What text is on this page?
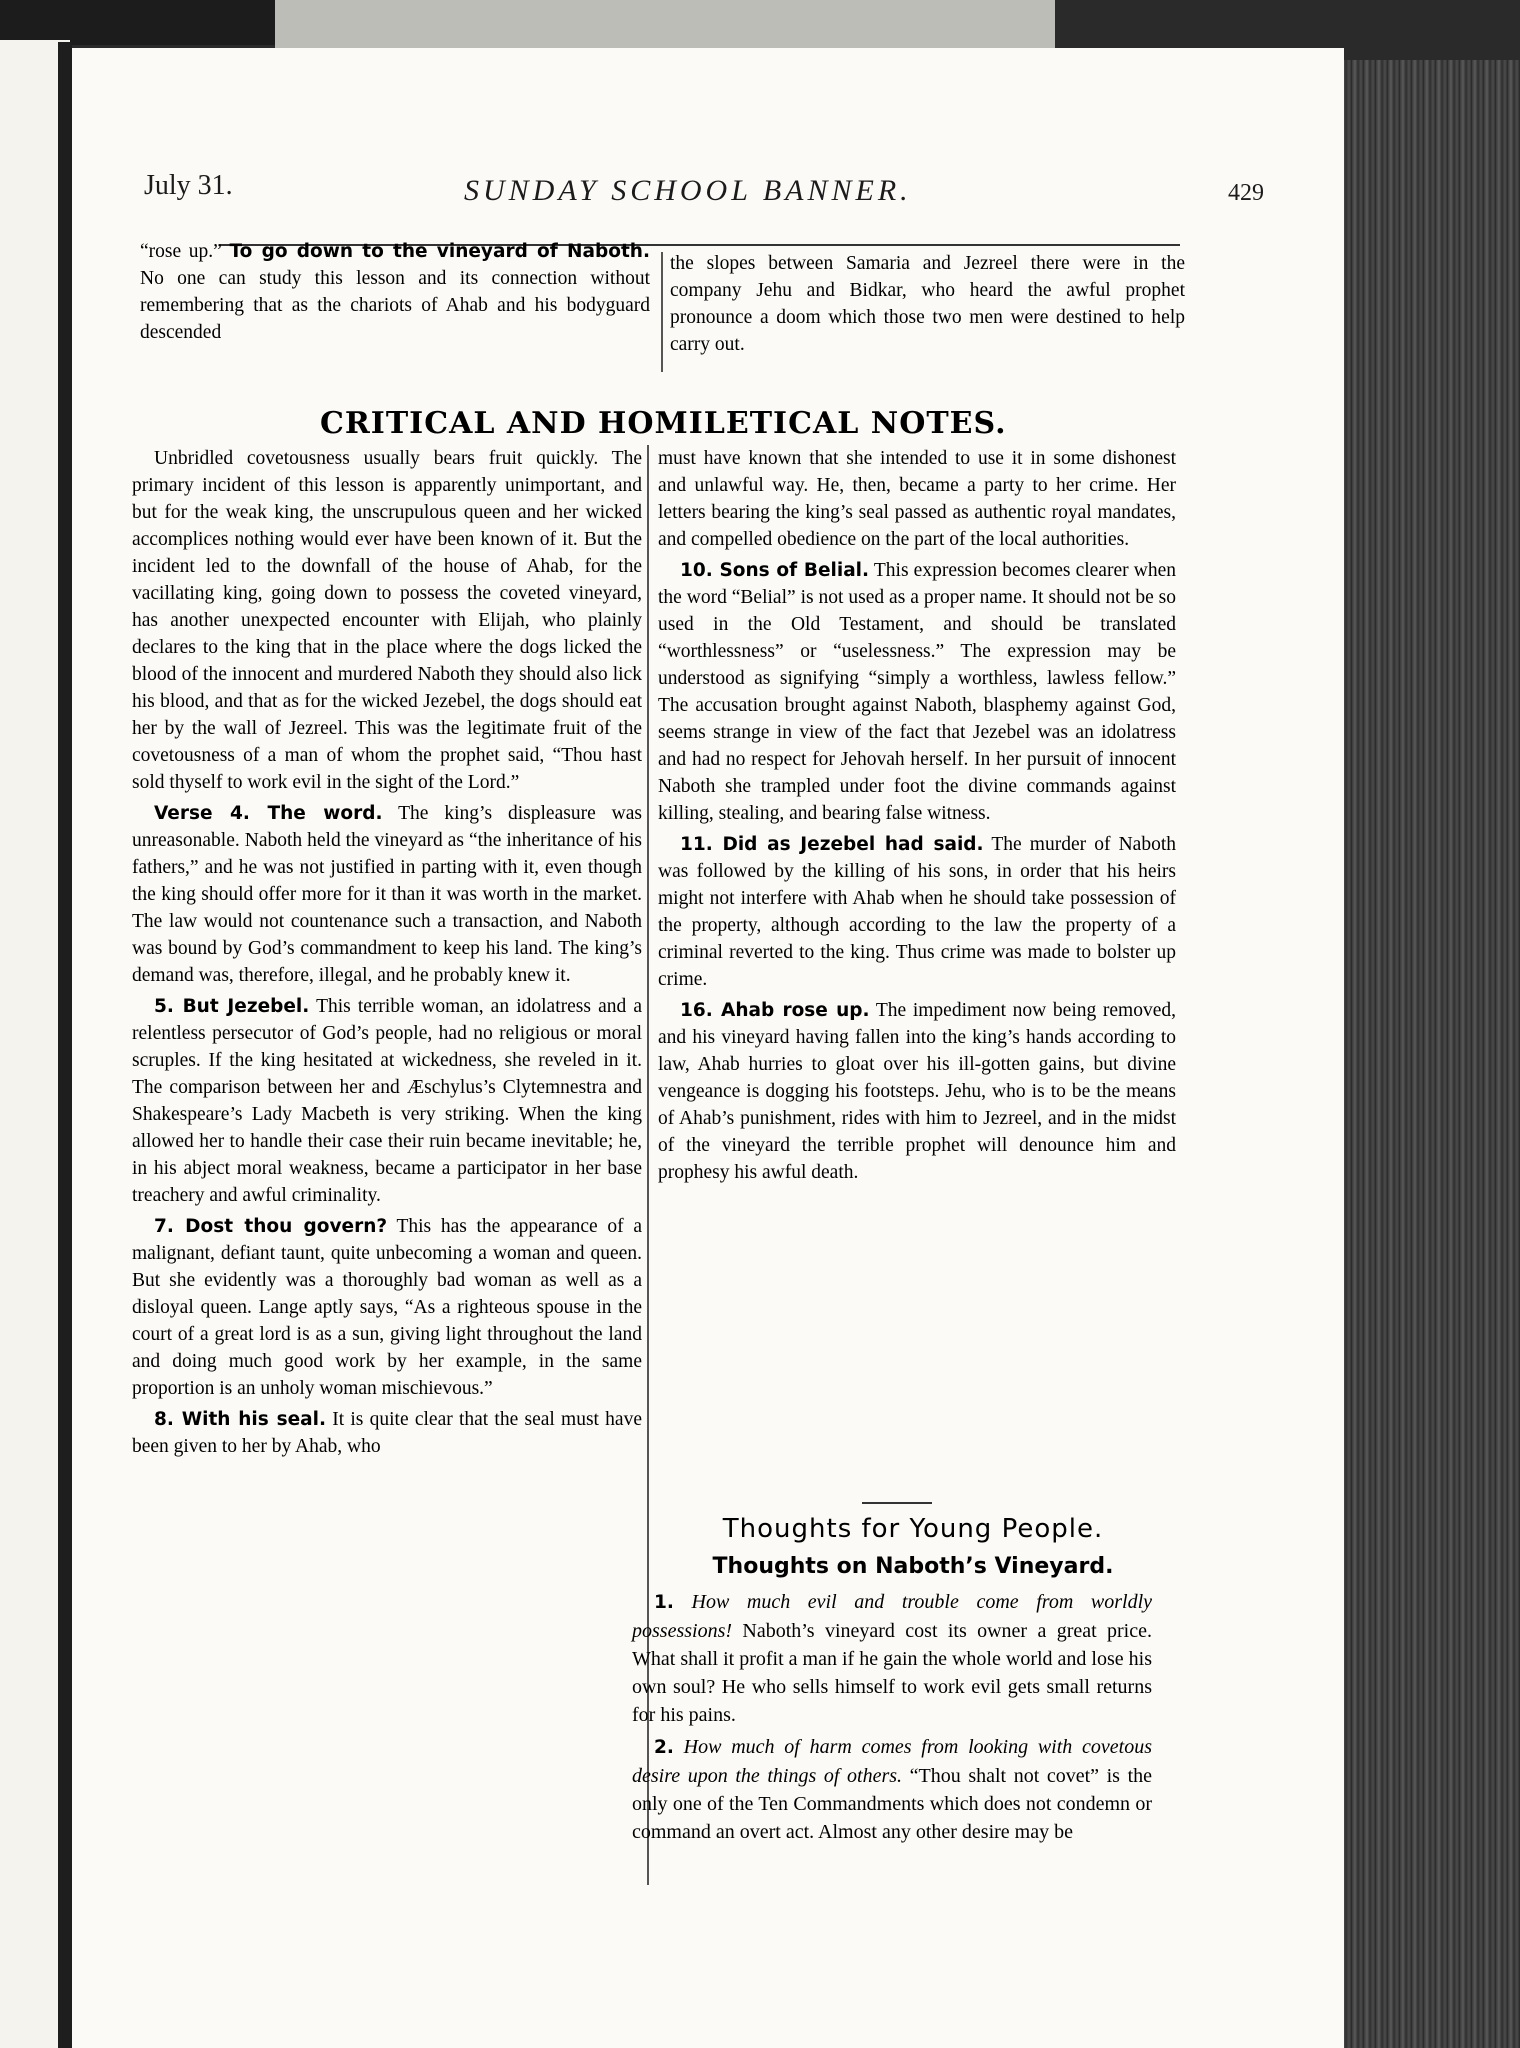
July 31.	SUNDAY SCHOOL BANNER.	429

“rose up.” To go down to the vineyard of Naboth. No one can study this lesson and its connection without remembering that as the chariots of Ahab and his bodyguard descended

the slopes between Samaria and Jezreel there were in the company Jehu and Bidkar, who heard the awful prophet pronounce a doom which those two men were destined to help carry out.

CRITICAL AND HOMILETICAL NOTES.

Unbridled covetousness usually bears fruit quickly. The primary incident of this lesson is apparently unimportant, and but for the weak king, the unscrupulous queen and her wicked accomplices nothing would ever have been known of it. But the incident led to the downfall of the house of Ahab, for the vacillating king, going down to possess the coveted vineyard, has another unexpected encounter with Elijah, who plainly declares to the king that in the place where the dogs licked the blood of the innocent and murdered Naboth they should also lick his blood, and that as for the wicked Jezebel, the dogs should eat her by the wall of Jezreel. This was the legitimate fruit of the covetousness of a man of whom the prophet said, “Thou hast sold thyself to work evil in the sight of the Lord.”

Verse 4. The word. The king’s displeasure was unreasonable. Naboth held the vineyard as “the inheritance of his fathers,” and he was not justified in parting with it, even though the king should offer more for it than it was worth in the market. The law would not countenance such a transaction, and Naboth was bound by God’s commandment to keep his land. The king’s demand was, therefore, illegal, and he probably knew it.

5. But Jezebel. This terrible woman, an idolatress and a relentless persecutor of God’s people, had no religious or moral scruples. If the king hesitated at wickedness, she reveled in it. The comparison between her and Æschylus’s Clytemnestra and Shakespeare’s Lady Macbeth is very striking. When the king allowed her to handle their case their ruin became inevitable; he, in his abject moral weakness, became a participator in her base treachery and awful criminality.

7. Dost thou govern? This has the appearance of a malignant, defiant taunt, quite unbecoming a woman and queen. But she evidently was a thoroughly bad woman as well as a disloyal queen. Lange aptly says, “As a righteous spouse in the court of a great lord is as a sun, giving light throughout the land and doing much good work by her example, in the same proportion is an unholy woman mischievous.”

8. With his seal. It is quite clear that the seal must have been given to her by Ahab, who

must have known that she intended to use it in some dishonest and unlawful way. He, then, became a party to her crime. Her letters bearing the king’s seal passed as authentic royal mandates, and compelled obedience on the part of the local authorities.

10. Sons of Belial. This expression becomes clearer when the word “Belial” is not used as a proper name. It should not be so used in the Old Testament, and should be translated “worthlessness” or “uselessness.” The expression may be understood as signifying “simply a worthless, lawless fellow.” The accusation brought against Naboth, blasphemy against God, seems strange in view of the fact that Jezebel was an idolatress and had no respect for Jehovah herself. In her pursuit of innocent Naboth she trampled under foot the divine commands against killing, stealing, and bearing false witness.

11. Did as Jezebel had said. The murder of Naboth was followed by the killing of his sons, in order that his heirs might not interfere with Ahab when he should take possession of the property, although according to the law the property of a criminal reverted to the king. Thus crime was made to bolster up crime.

16. Ahab rose up. The impediment now being removed, and his vineyard having fallen into the king’s hands according to law, Ahab hurries to gloat over his ill-gotten gains, but divine vengeance is dogging his footsteps. Jehu, who is to be the means of Ahab’s punishment, rides with him to Jezreel, and in the midst of the vineyard the terrible prophet will denounce him and prophesy his awful death.

Thoughts for Young People.
Thoughts on Naboth’s Vineyard.

1. How much evil and trouble come from worldly possessions! Naboth’s vineyard cost its owner a great price. What shall it profit a man if he gain the whole world and lose his own soul? He who sells himself to work evil gets small returns for his pains.

2. How much of harm comes from looking with covetous desire upon the things of others. “Thou shalt not covet” is the only one of the Ten Commandments which does not condemn or command an overt act. Almost any other desire may be
